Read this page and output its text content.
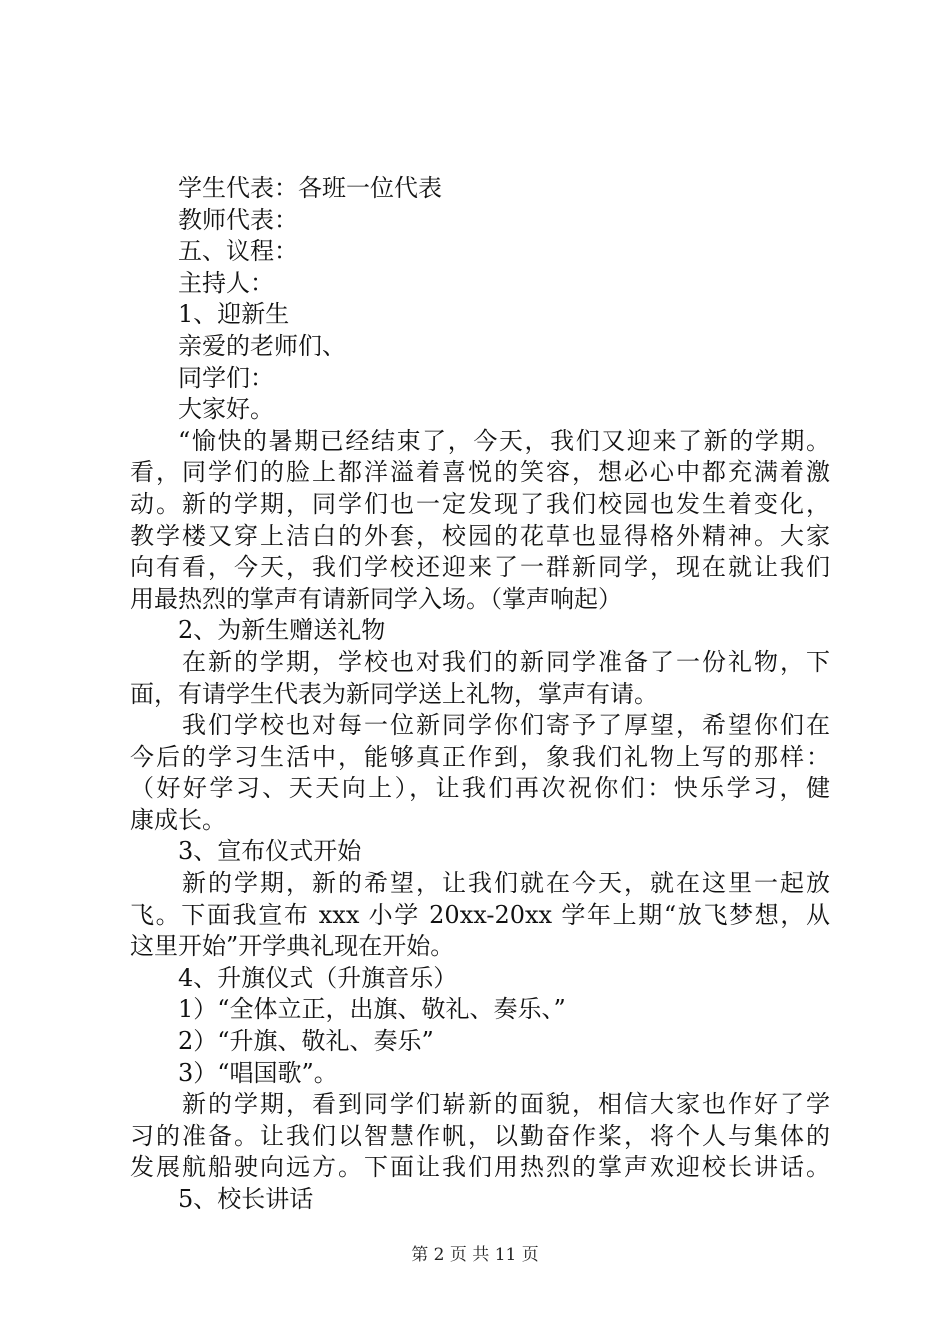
学生代表：各班一位代表
教师代表：
五、议程：
主持人：
1、迎新生
亲爱的老师们、
同学们：
大家好。
“愉快的暑期已经结束了，今天，我们又迎来了新的学期。
看，同学们的脸上都洋溢着喜悦的笑容，想必心中都充满着激
动。新的学期，同学们也一定发现了我们校园也发生着变化，
教学楼又穿上洁白的外套，校园的花草也显得格外精神。大家
向有看，今天，我们学校还迎来了一群新同学，现在就让我们
用最热烈的掌声有请新同学入场。（掌声响起）
2、为新生赠送礼物
在新的学期，学校也对我们的新同学准备了一份礼物，下
面，有请学生代表为新同学送上礼物，掌声有请。
我们学校也对每一位新同学你们寄予了厚望，希望你们在
今后的学习生活中，能够真正作到，象我们礼物上写的那样：
（好好学习、天天向上），让我们再次祝你们：快乐学习，健
康成长。
3、宣布仪式开始
新的学期，新的希望，让我们就在今天，就在这里一起放
飞。下面我宣布 xxx 小学 20xx-20xx 学年上期“放飞梦想，从
这里开始”开学典礼现在开始。
4、升旗仪式（升旗音乐）
1）“全体立正，出旗、敬礼、奏乐、”
2）“升旗、敬礼、奏乐”
3）“唱国歌”。
新的学期，看到同学们崭新的面貌，相信大家也作好了学
习的准备。让我们以智慧作帆，以勤奋作桨，将个人与集体的
发展航船驶向远方。下面让我们用热烈的掌声欢迎校长讲话。
5、校长讲话
第 2 页 共 11 页
